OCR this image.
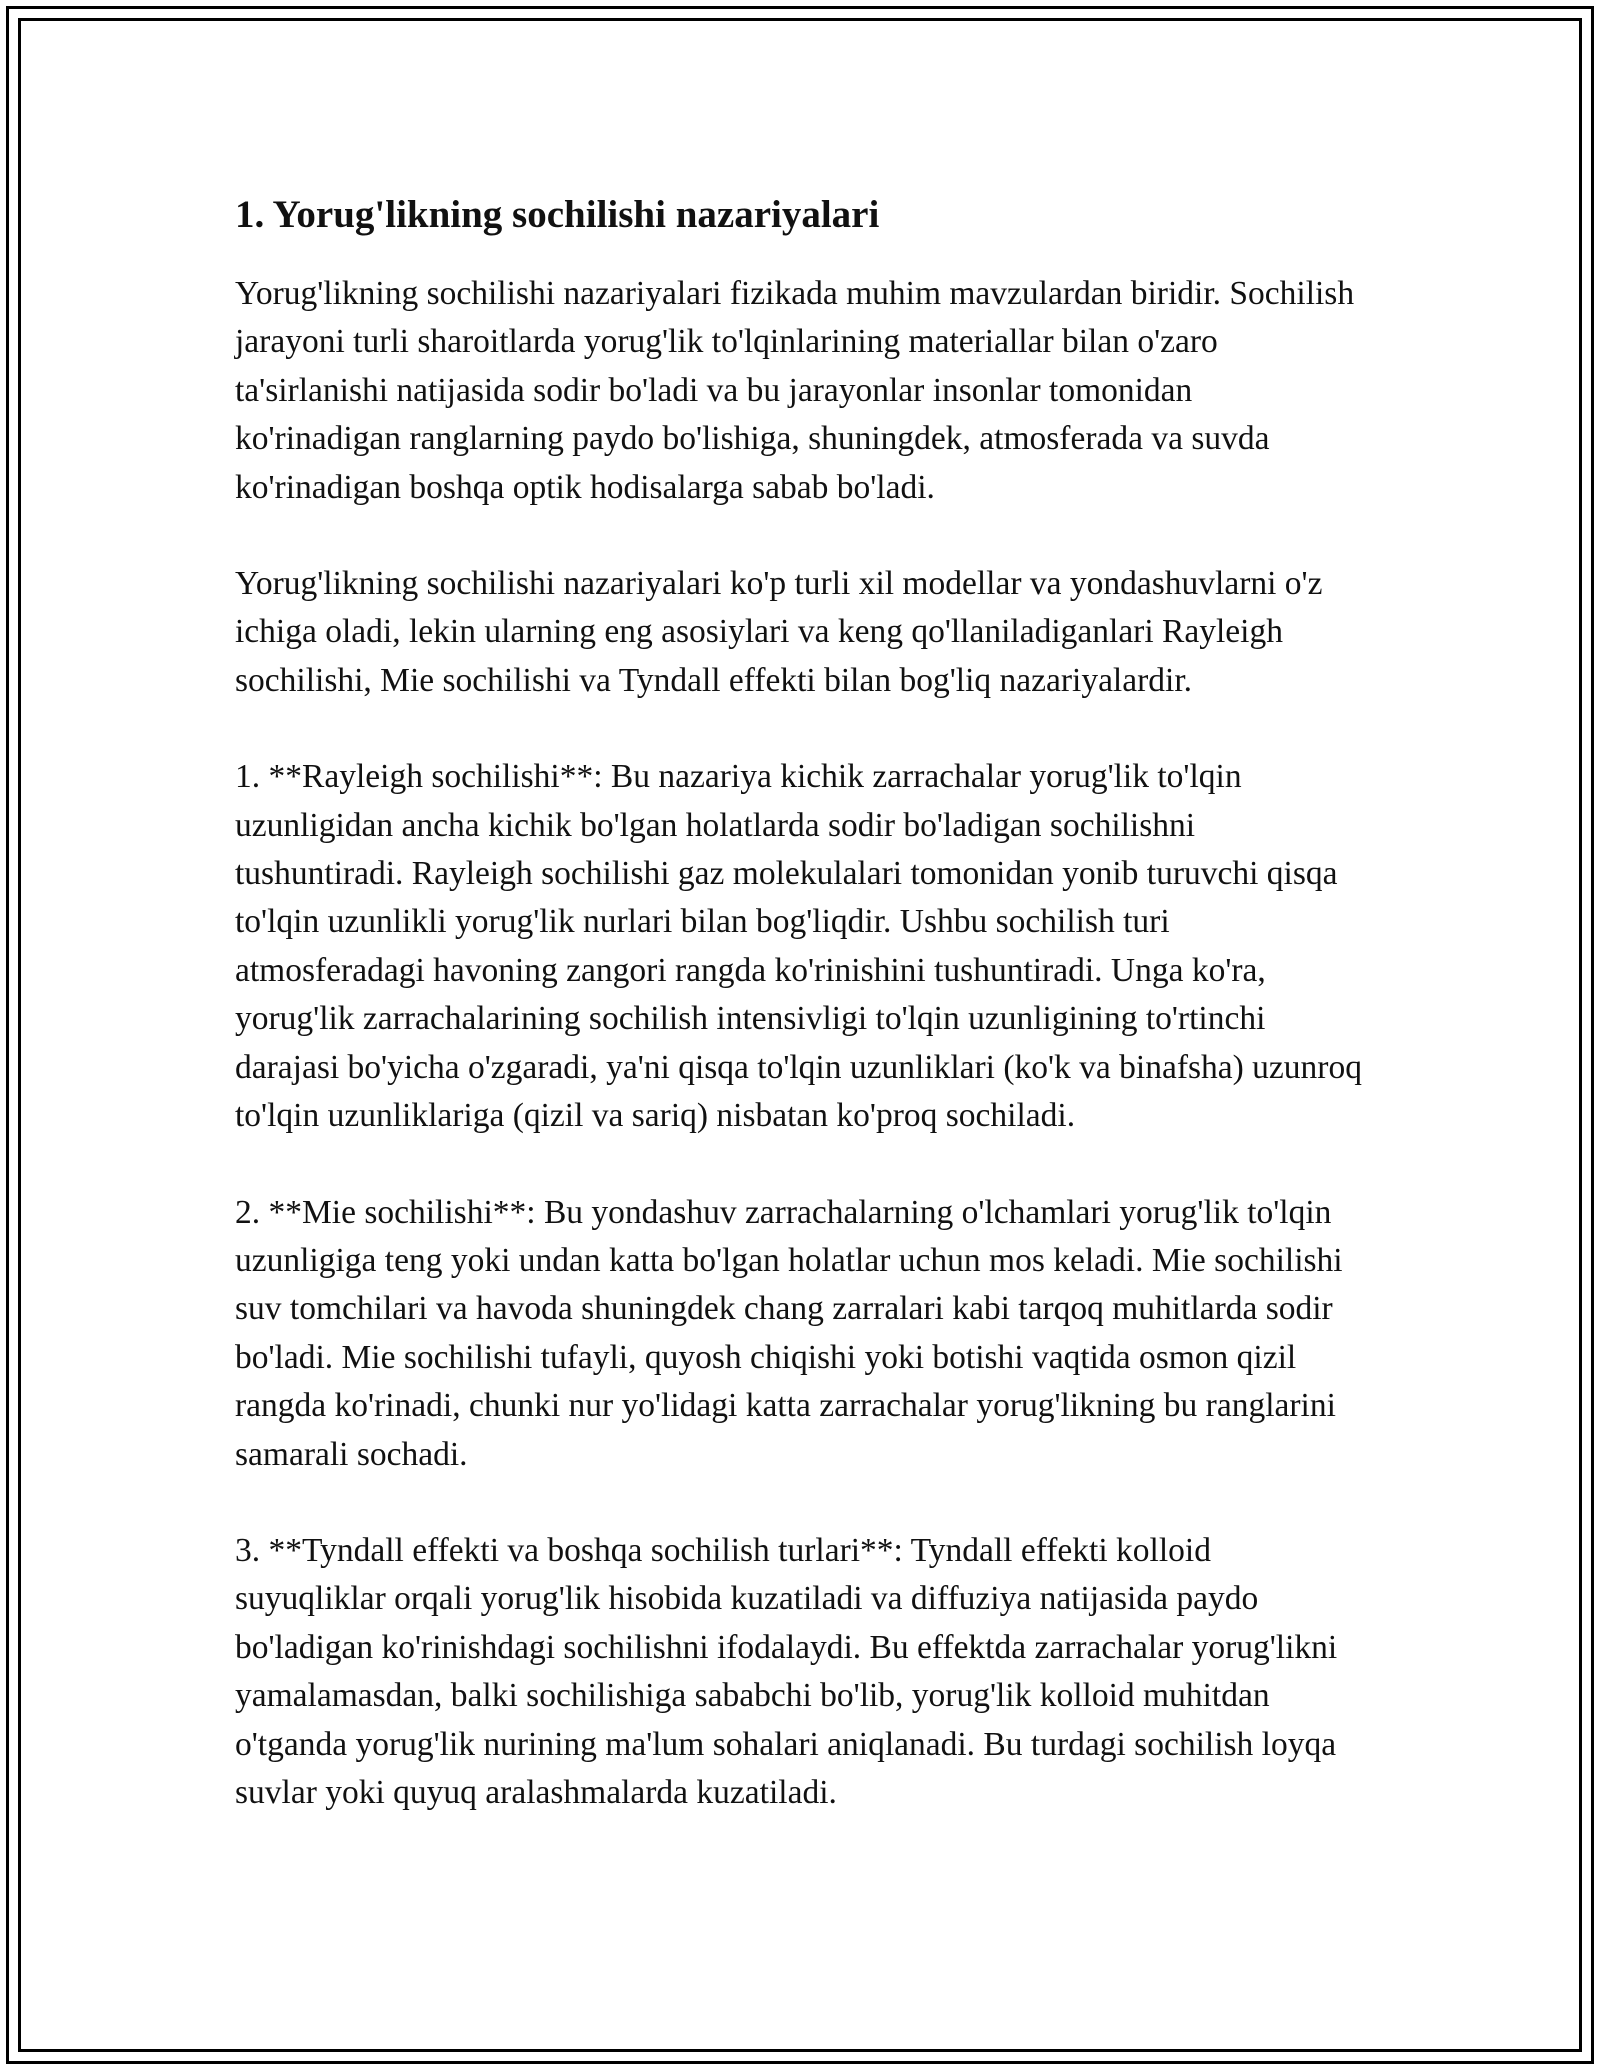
1. Yorug'likning sochilishi nazariyalari

Yorug'likning sochilishi nazariyalari fizikada muhim mavzulardan biridir. Sochilish jarayoni turli sharoitlarda yorug'lik to'lqinlarining materiallar bilan o'zaro ta'sirlanishi natijasida sodir bo'ladi va bu jarayonlar insonlar tomonidan ko'rinadigan ranglarning paydo bo'lishiga, shuningdek, atmosferada va suvda ko'rinadigan boshqa optik hodisalarga sabab bo'ladi.

Yorug'likning sochilishi nazariyalari ko'p turli xil modellar va yondashuvlarni o'z ichiga oladi, lekin ularning eng asosiylari va keng qo'llaniladiganlari Rayleigh sochilishi, Mie sochilishi va Tyndall effekti bilan bog'liq nazariyalardir.

1. **Rayleigh sochilishi**: Bu nazariya kichik zarrachalar yorug'lik to'lqin uzunligidan ancha kichik bo'lgan holatlarda sodir bo'ladigan sochilishni tushuntiradi. Rayleigh sochilishi gaz molekulalari tomonidan yonib turuvchi qisqa to'lqin uzunlikli yorug'lik nurlari bilan bog'liqdir. Ushbu sochilish turi atmosferadagi havoning zangori rangda ko'rinishini tushuntiradi. Unga ko'ra, yorug'lik zarrachalarining sochilish intensivligi to'lqin uzunligining to'rtinchi darajasi bo'yicha o'zgaradi, ya'ni qisqa to'lqin uzunliklari (ko'k va binafsha) uzunroq to'lqin uzunliklariga (qizil va sariq) nisbatan ko'proq sochiladi.

2. **Mie sochilishi**: Bu yondashuv zarrachalarning o'lchamlari yorug'lik to'lqin uzunligiga teng yoki undan katta bo'lgan holatlar uchun mos keladi. Mie sochilishi suv tomchilari va havoda shuningdek chang zarralari kabi tarqoq muhitlarda sodir bo'ladi. Mie sochilishi tufayli, quyosh chiqishi yoki botishi vaqtida osmon qizil rangda ko'rinadi, chunki nur yo'lidagi katta zarrachalar yorug'likning bu ranglarini samarali sochadi.

3. **Tyndall effekti va boshqa sochilish turlari**: Tyndall effekti kolloid suyuqliklar orqali yorug'lik hisobida kuzatiladi va diffuziya natijasida paydo bo'ladigan ko'rinishdagi sochilishni ifodalaydi. Bu effektda zarrachalar yorug'likni yamalamasdan, balki sochilishiga sababchi bo'lib, yorug'lik kolloid muhitdan o'tganda yorug'lik nurining ma'lum sohalari aniqlanadi. Bu turdagi sochilish loyqa suvlar yoki quyuq aralashmalarda kuzatiladi.
